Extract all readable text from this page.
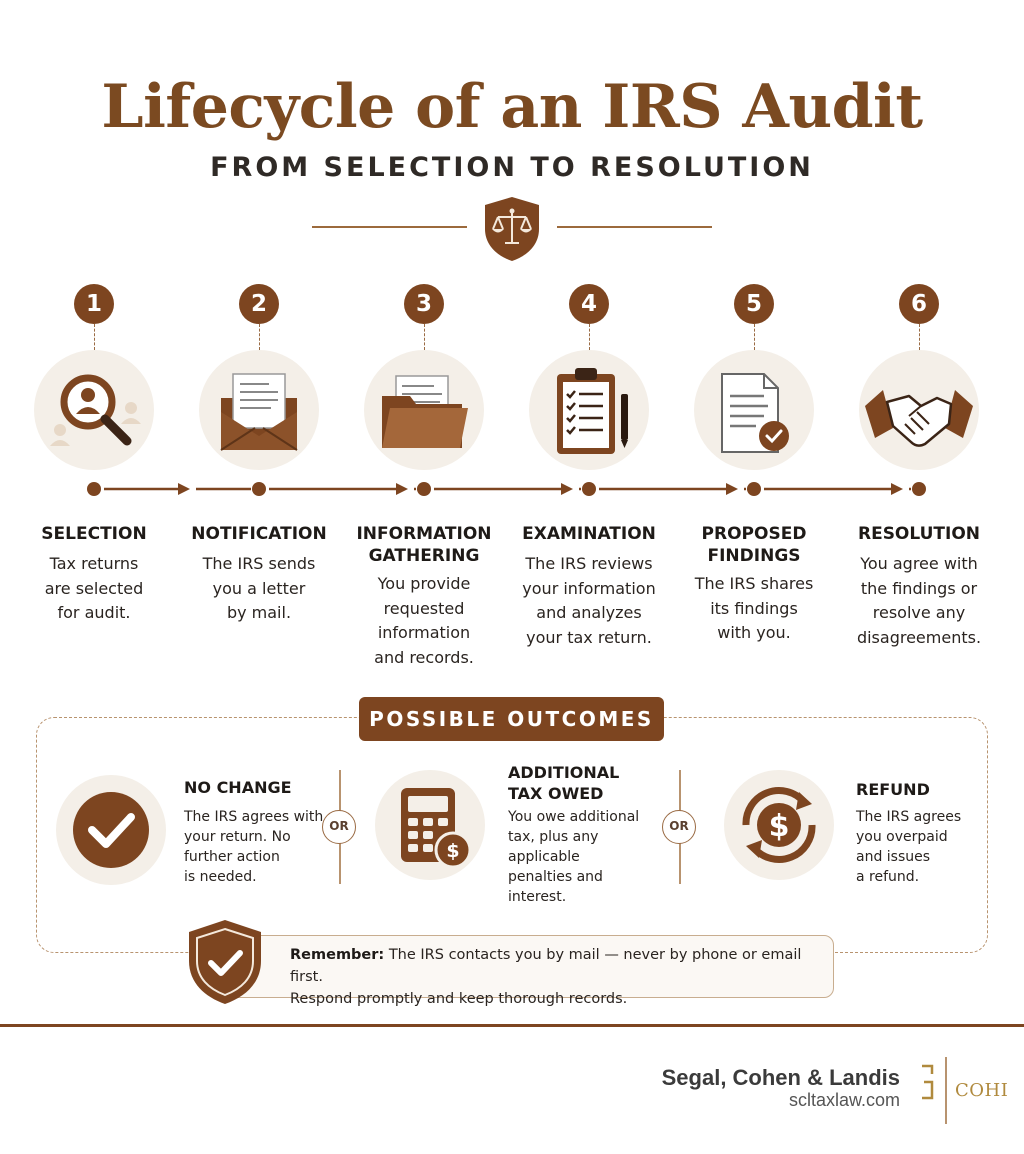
Lifecycle of an IRS Audit
FROM SELECTION TO RESOLUTION
1
SELECTION
Tax returns
are selected
for audit.
2
NOTIFICATION
The IRS sends
you a letter
by mail.
3
INFORMATION
GATHERING
You provide
requested
information
and records.
4
EXAMINATION
The IRS reviews
your information
and analyzes
your tax return.
5
PROPOSED
FINDINGS
The IRS shares
its findings
with you.
6
RESOLUTION
You agree with
the findings or
resolve any
disagreements.
POSSIBLE OUTCOMES
NO CHANGE
The IRS agrees with
your return. No
further action
is needed.
$
ADDITIONAL
TAX OWED
You owe additional
tax, plus any
applicable
penalties and
interest.
$
REFUND
The IRS agrees
you overpaid
and issues
a refund.
OR	OR
Remember: The IRS contacts you by mail — never by phone or email first.
Respond promptly and keep thorough records.
Segal, Cohen & Landis
scltaxlaw.com	COHI
